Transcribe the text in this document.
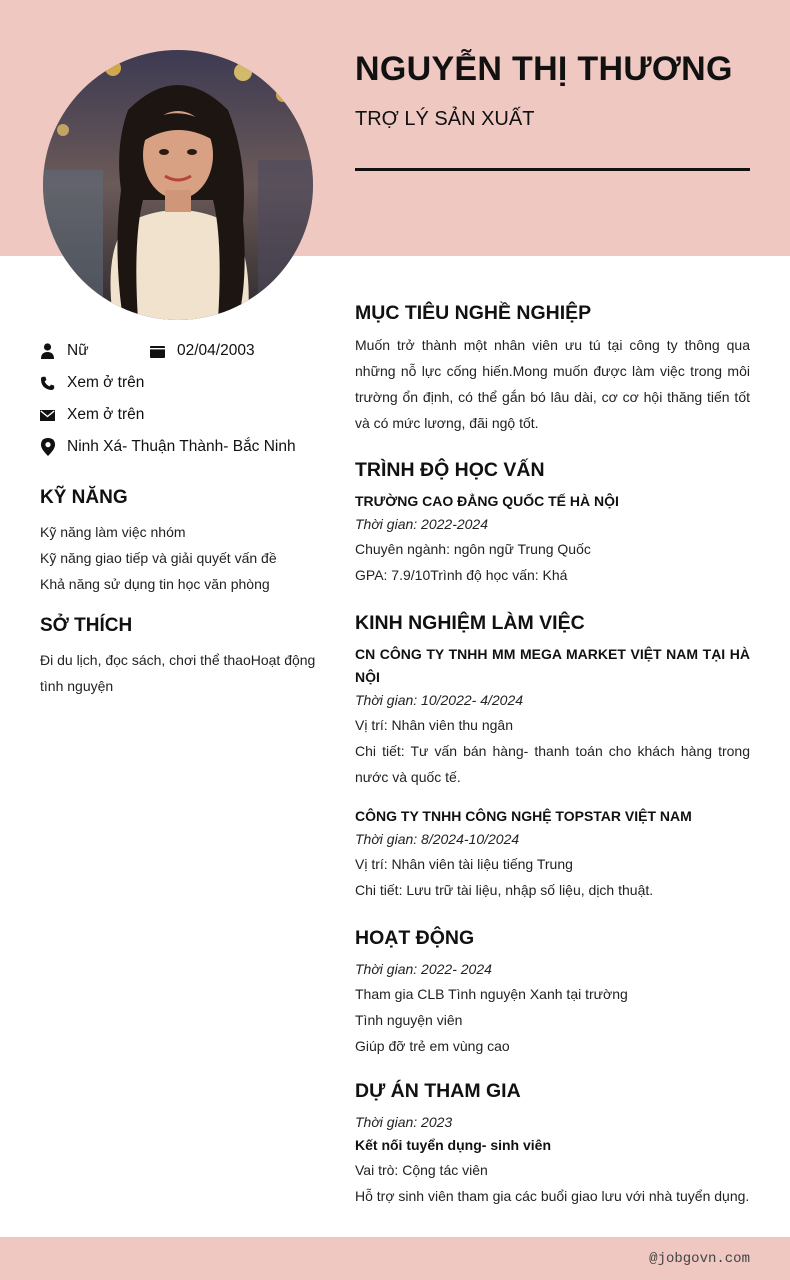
NGUYỄN THỊ THƯƠNG
TRỢ LÝ SẢN XUẤT
Nữ	02/04/2003
Xem ở trên
Xem ở trên
Ninh Xá- Thuận Thành- Bắc Ninh
KỸ NĂNG
Kỹ năng làm việc nhóm
Kỹ năng giao tiếp và giải quyết vấn đề
Khả năng sử dụng tin học văn phòng
SỞ THÍCH
Đi du lịch, đọc sách, chơi thể thaoHoạt động tình nguyện
MỤC TIÊU NGHỀ NGHIỆP
Muốn trở thành một nhân viên ưu tú tại công ty thông qua những nỗ lực cống hiến.Mong muốn được làm việc trong môi trường ổn định, có thể gắn bó lâu dài, cơ cơ hội thăng tiến tốt và có mức lương, đãi ngộ tốt.
TRÌNH ĐỘ HỌC VẤN
TRƯỜNG CAO ĐẲNG QUỐC TẾ HÀ NỘI
Thời gian: 2022-2024
Chuyên ngành: ngôn ngữ Trung Quốc
GPA: 7.9/10Trình độ học vấn: Khá
KINH NGHIỆM LÀM VIỆC
CN CÔNG TY TNHH MM MEGA MARKET VIỆT NAM TẠI HÀ NỘI
Thời gian: 10/2022- 4/2024
Vị trí: Nhân viên thu ngân
Chi tiết: Tư vấn bán hàng- thanh toán cho khách hàng trong nước và quốc tế.
CÔNG TY TNHH CÔNG NGHỆ TOPSTAR VIỆT NAM
Thời gian: 8/2024-10/2024
Vị trí: Nhân viên tài liệu tiếng Trung
Chi tiết: Lưu trữ tài liệu, nhập số liệu, dịch thuật.
HOẠT ĐỘNG
Thời gian: 2022- 2024
Tham gia CLB Tình nguyện Xanh tại trường
Tình nguyện viên
Giúp đỡ trẻ em vùng cao
DỰ ÁN THAM GIA
Thời gian: 2023
Kết nối tuyển dụng- sinh viên
Vai trò: Cộng tác viên
Hỗ trợ sinh viên tham gia các buổi giao lưu với nhà tuyển dụng.
@jobgovn.com
